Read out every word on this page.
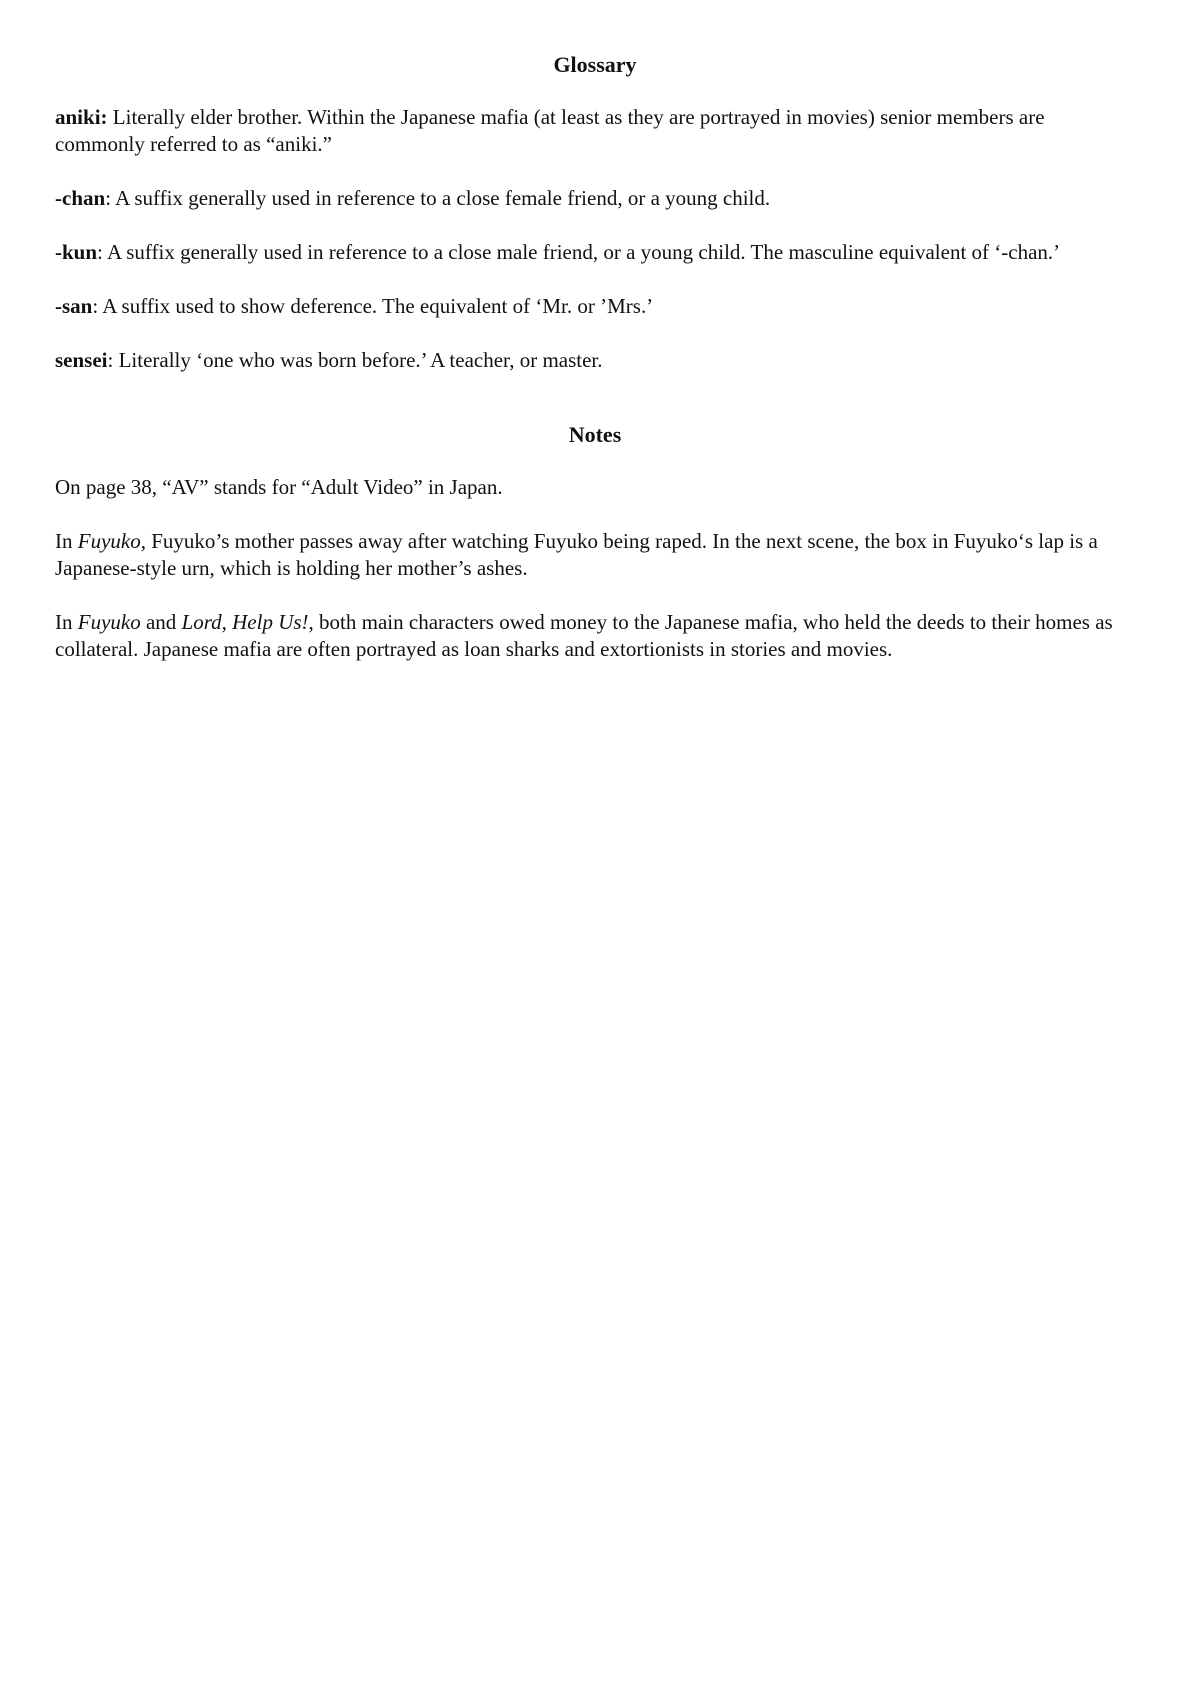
Glossary

aniki: Literally elder brother. Within the Japanese mafia (at least as they are portrayed in movies) senior members are commonly referred to as “aniki.”

-chan: A suffix generally used in reference to a close female friend, or a young child.

-kun: A suffix generally used in reference to a close male friend, or a young child. The masculine equivalent of ‘-chan.’

-san: A suffix used to show deference. The equivalent of ‘Mr. or ’Mrs.’

sensei: Literally ‘one who was born before.’ A teacher, or master.

Notes

On page 38, “AV” stands for “Adult Video” in Japan.

In Fuyuko, Fuyuko’s mother passes away after watching Fuyuko being raped. In the next scene, the box in Fuyuko‘s lap is a Japanese-style urn, which is holding her mother’s ashes.

In Fuyuko and Lord, Help Us!, both main characters owed money to the Japanese mafia, who held the deeds to their homes as collateral. Japanese mafia are often portrayed as loan sharks and extortionists in stories and movies.
